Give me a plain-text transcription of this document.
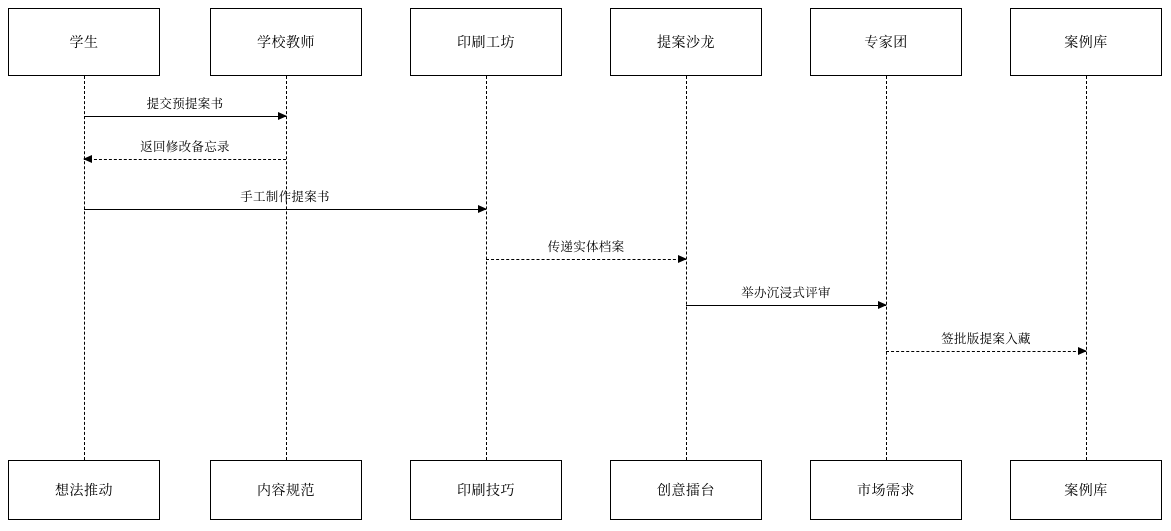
学生	学校教师	印刷工坊	提案沙龙	专家团	案例库
想法推动	内容规范	印刷技巧	创意擂台	市场需求	案例库
提交预提案书
返回修改备忘录
手工制作提案书
传递实体档案
举办沉浸式评审
签批版提案入藏
